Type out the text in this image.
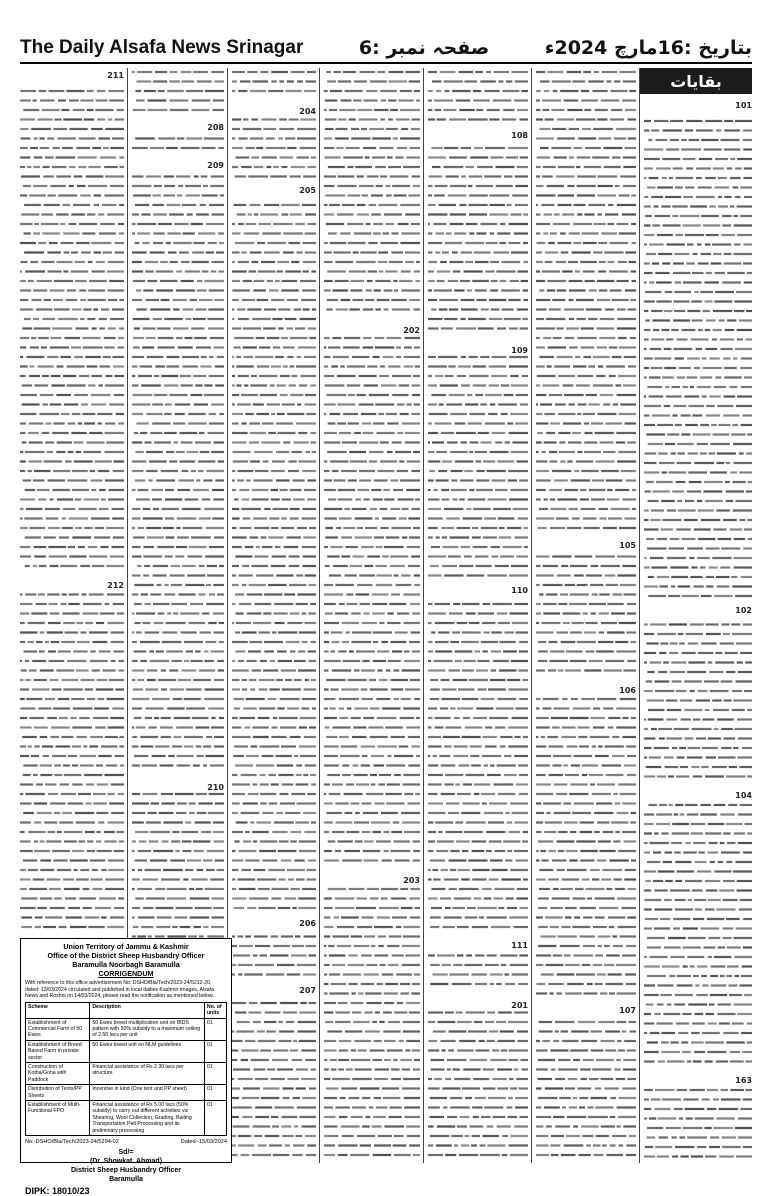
The Daily Alsafa News Srinagar	صفحہ نمبر :6	بتاریخ :16مارچ 2024ء
بقایات
101
102
104
163
105
106
107
108
109
110
111
201
202
203
204
205
206
207
208
209
210
211
212
Union Territory of Jammu & Kashmir
Office of the District Sheep Husbandry Officer
Baramulla Noorbagh Baramulla
CORRIGENDUM
With reference to this office advertisement No: DSHO/Bla/Tech/2023-24/5212-20, dated: 13/03/2024 circulated and published in local dailies Kashmir Images, Alsafa News and Roshni on 14/03/2024, please read the notification as mentioned below.
Scheme	Description	No. of units
Establishment of Commercial Farm of 50 Ewes	50 Ewes breed multiplication unit on IBDS pattern with 50% subsidy to a maximum ceiling of 2.50 lacs per unit	01
Establishment of Breed Based Farm in private sector	50 Ewes breed unit on NLM guidelines	01
Construction of Kotha/Goha with Paddock	Financial assistance of Rs 2.30 lacs per structure	01
Distribution of Tents/PP Sheets	Incentive in kind (One tent and PP sheet)	01
Establishment of Multi-Functional FPO	Financial assistance of Rs 5.00 lacs (50% subsidy) to carry out different activities viz Shearing, Wool Collection, Grading, Bailing Transportation Pelt Processing and its preliminary processing	01
No:-DSHO/Bla/Tech/2023-24/5294-02	Dated:-15/03/2024
Sd/=
(Dr. Showkat. Ahmad)
District Sheep Husbandry Officer
Baramulla
DIPK: 18010/23
